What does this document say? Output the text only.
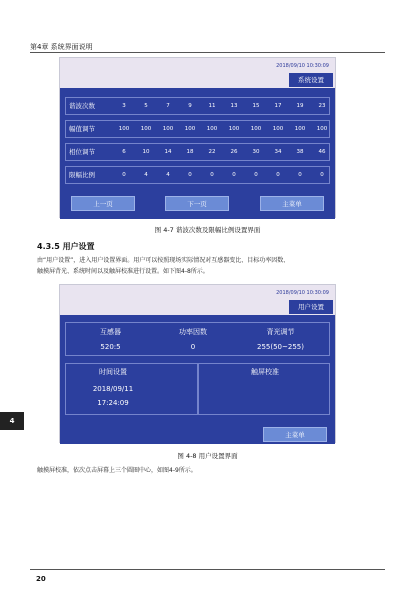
第4章 系统界面说明
2018/09/10 10:30:09
系统设置
谐波次数	3	5	7	9	11	13	15	17	19	23
幅值调节	100	100	100	100	100	100	100	100	100	100
相位调节	6	10	14	18	22	26	30	34	38	46
限幅比例	0	4	4	0	0	0	0	0	0	0
上一页	下一页	主菜单
图 4-7 谐波次数及限幅比例设置界面
4.3.5 用户设置
由“用户设置”，进入用户设置界面。用户可以按照现场实际情况对互感器变比、目标功率因数、
触摸屏背光、系统时间以及触屏校准进行设置。如下图4-8所示。
2018/09/10 10:30:09
用户设置
互感器	功率因数	背光调节
520:5	0	255(50~255)
时间设置
2018/09/11
17:24:09
触屏校准
主菜单
图 4-8 用户设置界面
触摸屏校准，依次点击屏幕上三个圆圈中心，如图4-9所示。
4
20
